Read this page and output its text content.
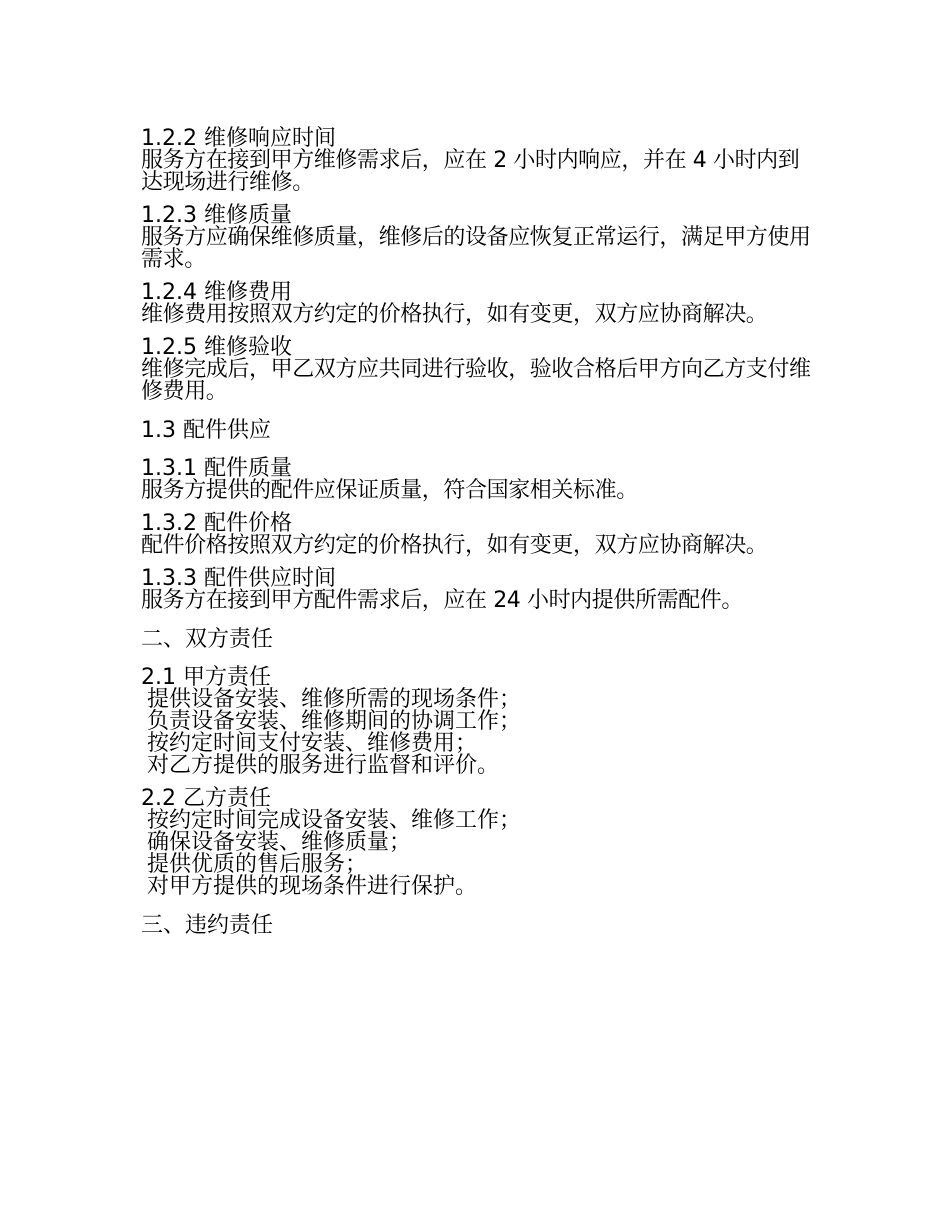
1.2.2 维修响应时间
服务方在接到甲方维修需求后，应在 2 小时内响应，并在 4 小时内到达现场进行维修。
1.2.3 维修质量
服务方应确保维修质量，维修后的设备应恢复正常运行，满足甲方使用需求。
1.2.4 维修费用
维修费用按照双方约定的价格执行，如有变更，双方应协商解决。
1.2.5 维修验收
维修完成后，甲乙双方应共同进行验收，验收合格后甲方向乙方支付维修费用。
1.3 配件供应
1.3.1 配件质量
服务方提供的配件应保证质量，符合国家相关标准。
1.3.2 配件价格
配件价格按照双方约定的价格执行，如有变更，双方应协商解决。
1.3.3 配件供应时间
服务方在接到甲方配件需求后，应在 24 小时内提供所需配件。
二、双方责任
2.1 甲方责任
提供设备安装、维修所需的现场条件；
负责设备安装、维修期间的协调工作；
按约定时间支付安装、维修费用；
对乙方提供的服务进行监督和评价。
2.2 乙方责任
按约定时间完成设备安装、维修工作；
确保设备安装、维修质量；
提供优质的售后服务；
对甲方提供的现场条件进行保护。
三、违约责任
